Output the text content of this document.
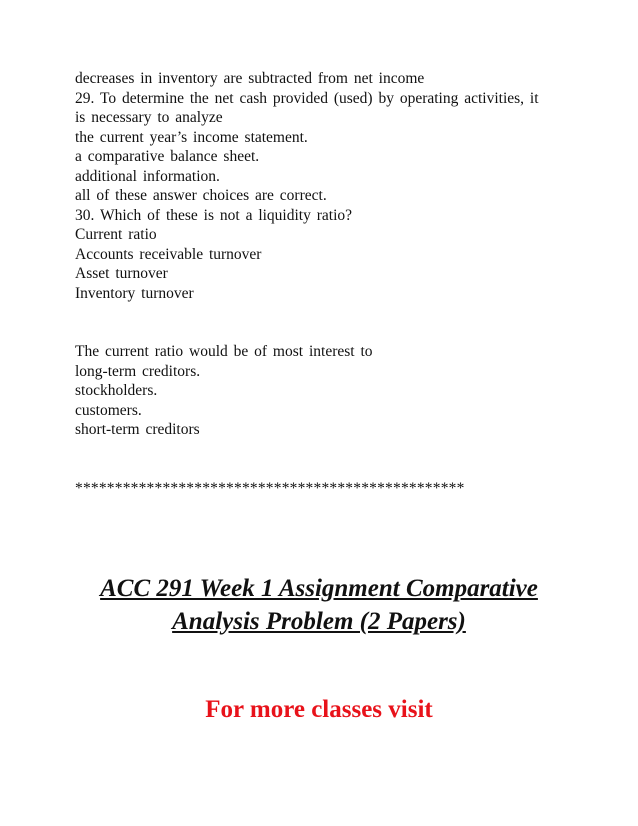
decreases in inventory are subtracted from net income
29. To determine the net cash provided (used) by operating activities, it
is necessary to analyze
the current year’s income statement.
a comparative balance sheet.
additional information.
all of these answer choices are correct.
30. Which of these is not a liquidity ratio?
Current ratio
Accounts receivable turnover
Asset turnover
Inventory turnover
The current ratio would be of most interest to
long-term creditors.
stockholders.
customers.
short-term creditors
*************************************************
ACC 291 Week 1 Assignment Comparative
Analysis Problem (2 Papers)
For more classes visit
